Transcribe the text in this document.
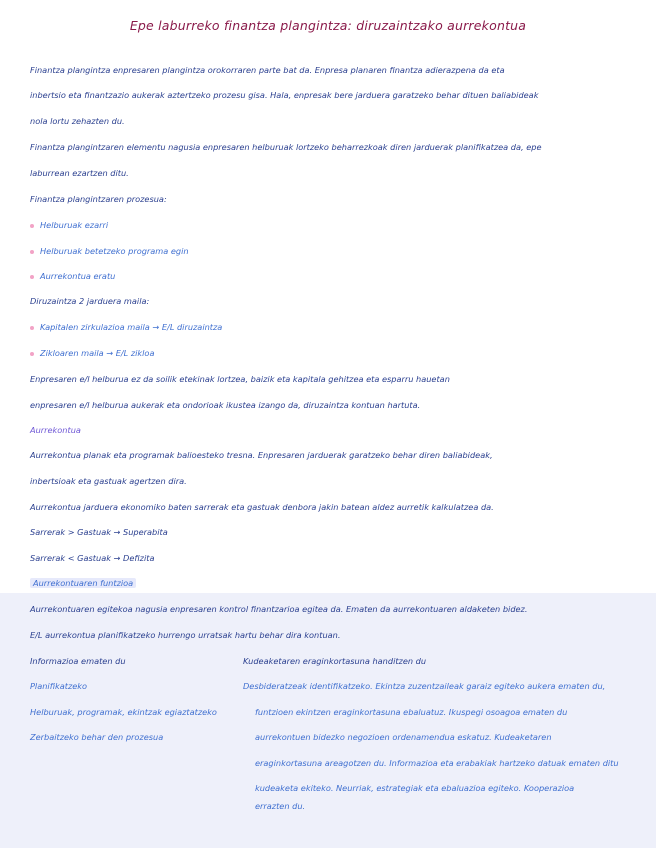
Epe laburreko finantza plangintza: diruzaintzako aurrekontua
Finantza plangintza enpresaren plangintza orokorraren parte bat da. Enpresa planaren finantza adierazpena da eta
inbertsio eta finantzazio aukerak aztertzeko prozesu gisa. Hala, enpresak bere jarduera garatzeko behar dituen baliabideak
nola lortu zehazten du.
Finantza plangintzaren elementu nagusia enpresaren helburuak lortzeko beharrezkoak diren jarduerak planifikatzea da, epe
laburrean ezartzen ditu.
Finantza plangintzaren prozesua:
Helburuak ezarri
Helburuak betetzeko programa egin
Aurrekontua eratu
Diruzaintza 2 jarduera maila:
Kapitalen zirkulazioa maila → E/L diruzaintza
Zikloaren maila → E/L zikloa
Enpresaren e/l helburua ez da soilik etekinak lortzea, baizik eta kapitala gehitzea eta esparru hauetan
enpresaren e/l helburua aukerak eta ondorioak ikustea izango da, diruzaintza kontuan hartuta.
Aurrekontua
Aurrekontua planak eta programak balioesteko tresna. Enpresaren jarduerak garatzeko behar diren baliabideak,
inbertsioak eta gastuak agertzen dira.
Aurrekontua jarduera ekonomiko baten sarrerak eta gastuak denbora jakin batean aldez aurretik kalkulatzea da.
Sarrerak > Gastuak → Superabita
Sarrerak < Gastuak → Defizita
Aurrekontuaren funtzioa
Aurrekontuaren egitekoa nagusia enpresaren kontrol finantzarioa egitea da. Ematen da aurrekontuaren aldaketen bidez.
E/L aurrekontua planifikatzeko hurrengo urratsak hartu behar dira kontuan.
Informazioa ematen du
Planifikatzeko
Helburuak, programak, ekintzak egiaztatzeko
Zerbaitzeko behar den prozesua
Kudeaketaren eraginkortasuna handitzen du
Desbideratzeak identifikatzeko. Ekintza zuzentzaileak garaiz egiteko aukera ematen du,
funtzioen ekintzen eraginkortasuna ebaluatuz. Ikuspegi osoagoa ematen du
aurrekontuen bidezko negozioen ordenamendua eskatuz. Kudeaketaren
eraginkortasuna areagotzen du. Informazioa eta erabakiak hartzeko datuak ematen ditu
kudeaketa ekiteko. Neurriak, estrategiak eta ebaluazioa egiteko. Kooperazioa
errazten du.
